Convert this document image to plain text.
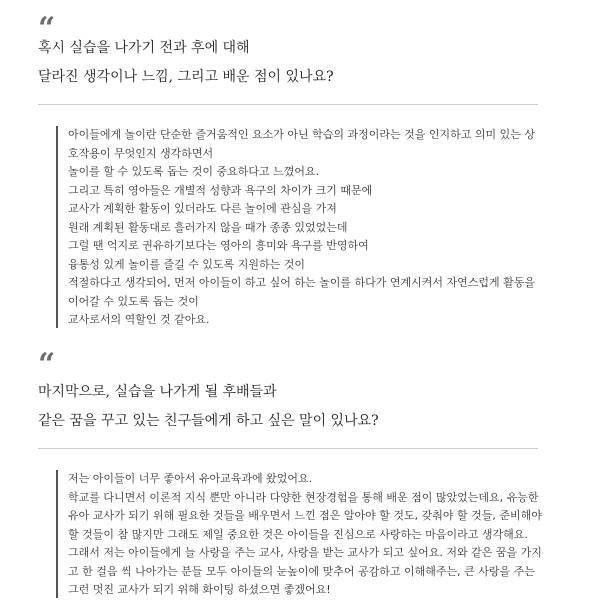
“
혹시 실습을 나가기 전과 후에 대해
달라진 생각이나 느낌, 그리고 배운 점이 있나요?
아이들에게 놀이란 단순한 즐거움적인 요소가 아닌 학습의 과정이라는 것을 인지하고 의미 있는 상
호작용이 무엇인지 생각하면서
놀이를 할 수 있도록 돕는 것이 중요하다고 느꼈어요.
그리고 특히 영아들은 개별적 성향과 욕구의 차이가 크기 때문에
교사가 계획한 활동이 있더라도 다른 놀이에 관심을 가져
원래 계획된 활동대로 흘러가지 않을 때가 종종 있었었는데
그럴 땐 억지로 권유하기보다는 영아의 흥미와 욕구를 반영하여
융통성 있게 놀이를 즐길 수 있도록 지원하는 것이
적절하다고 생각되어, 먼저 아이들이 하고 싶어 하는 놀이를 하다가 연계시켜서 자연스럽게 활동을
이어갈 수 있도록 돕는 것이
교사로서의 역할인 것 같아요.
“
마지막으로, 실습을 나가게 될 후배들과
같은 꿈을 꾸고 있는 친구들에게 하고 싶은 말이 있나요?
저는 아이들이 너무 좋아서 유아교육과에 왔었어요.
학교를 다니면서 이론적 지식 뿐만 아니라 다양한 현장경험을 통해 배운 점이 많았었는데요, 유능한
유아 교사가 되기 위해 필요한 것들을 배우면서 느낀 점은 알아야 할 것도, 갖춰야 할 것들, 준비해야
할 것들이 참 많지만 그래도 제일 중요한 것은 아이들을 진심으로 사랑하는 마음이라고 생각해요.
그래서 저는 아이들에게 늘 사랑을 주는 교사, 사랑을 받는 교사가 되고 싶어요. 저와 같은 꿈을 가지
고 한 걸음 씩 나아가는 분들 모두 아이들의 눈높이에 맞추어 공감하고 이해해주는, 큰 사랑을 주는
그런 멋진 교사가 되기 위해 화이팅 하셨으면 좋겠어요!
